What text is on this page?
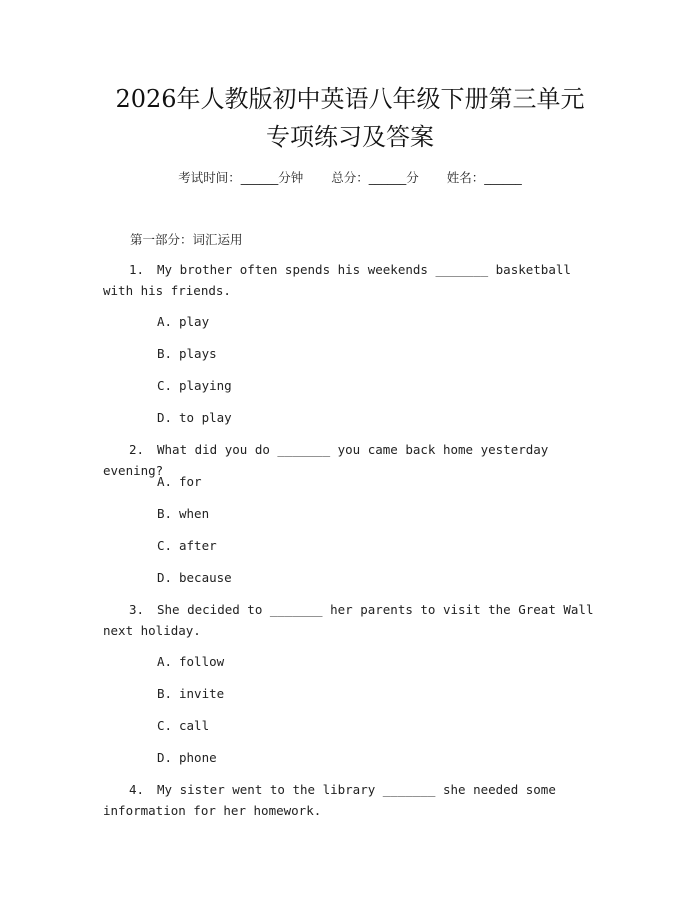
2026年人教版初中英语八年级下册第三单元
专项练习及答案
考试时间：______分钟 总分：______分 姓名：______
第一部分：词汇运用
1. My brother often spends his weekends _______ basketball with his friends.
A. play
B. plays
C. playing
D. to play
2. What did you do _______ you came back home yesterday evening?
A. for
B. when
C. after
D. because
3. She decided to _______ her parents to visit the Great Wall next holiday.
A. follow
B. invite
C. call
D. phone
4. My sister went to the library _______ she needed some information for her homework.
